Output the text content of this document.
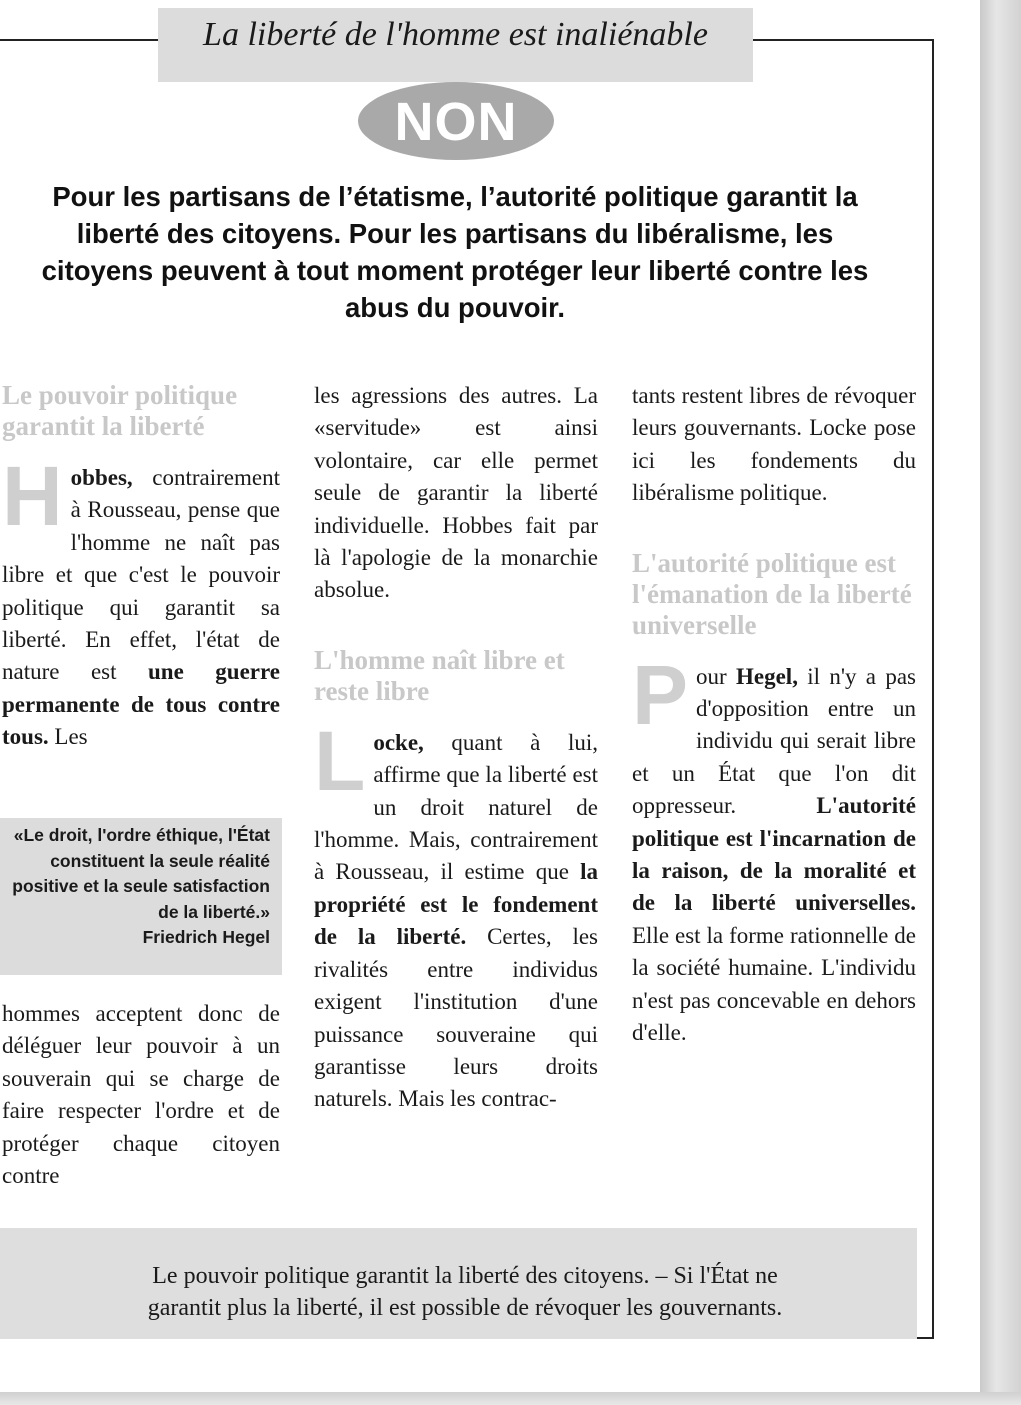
La liberté de l'homme est inaliénable
NON
Pour les partisans de l’étatisme, l’autorité politique garantit la liberté des citoyens. Pour les partisans du libéralisme, les citoyens peuvent à tout moment protéger leur liberté contre les abus du pouvoir.

Le pouvoir politique garantit la liberté

Hobbes, contrairement à Rousseau, pense que l'homme ne naît pas libre et que c'est le pouvoir politique qui garantit sa liberté. En effet, l'état de nature est une guerre permanente de tous contre tous. Les

«Le droit, l'ordre éthique, l'État constituent la seule réalité positive et la seule satisfaction de la liberté.»
Friedrich Hegel

hommes acceptent donc de déléguer leur pouvoir à un souverain qui se charge de faire respecter l'ordre et de protéger chaque citoyen contre

les agressions des autres. La «servitude» est ainsi volontaire, car elle permet seule de garantir la liberté individuelle. Hobbes fait par là l'apologie de la monarchie absolue.

L'homme naît libre et reste libre

Locke, quant à lui, affirme que la liberté est un droit naturel de l'homme. Mais, contrairement à Rousseau, il estime que la propriété est le fondement de la liberté. Certes, les rivalités entre individus exigent l'institution d'une puissance souveraine qui garantisse leurs droits naturels. Mais les contrac-

tants restent libres de révoquer leurs gouvernants. Locke pose ici les fondements du libéralisme politique.

L'autorité politique est l'émanation de la liberté universelle

Pour Hegel, il n'y a pas d'opposition entre un individu qui serait libre et un État que l'on dit oppresseur. L'autorité politique est l'incarnation de la raison, de la moralité et de la liberté universelles. Elle est la forme rationnelle de la société humaine. L'individu n'est pas concevable en dehors d'elle.

Le pouvoir politique garantit la liberté des citoyens. – Si l'État ne
garantit plus la liberté, il est possible de révoquer les gouvernants.
